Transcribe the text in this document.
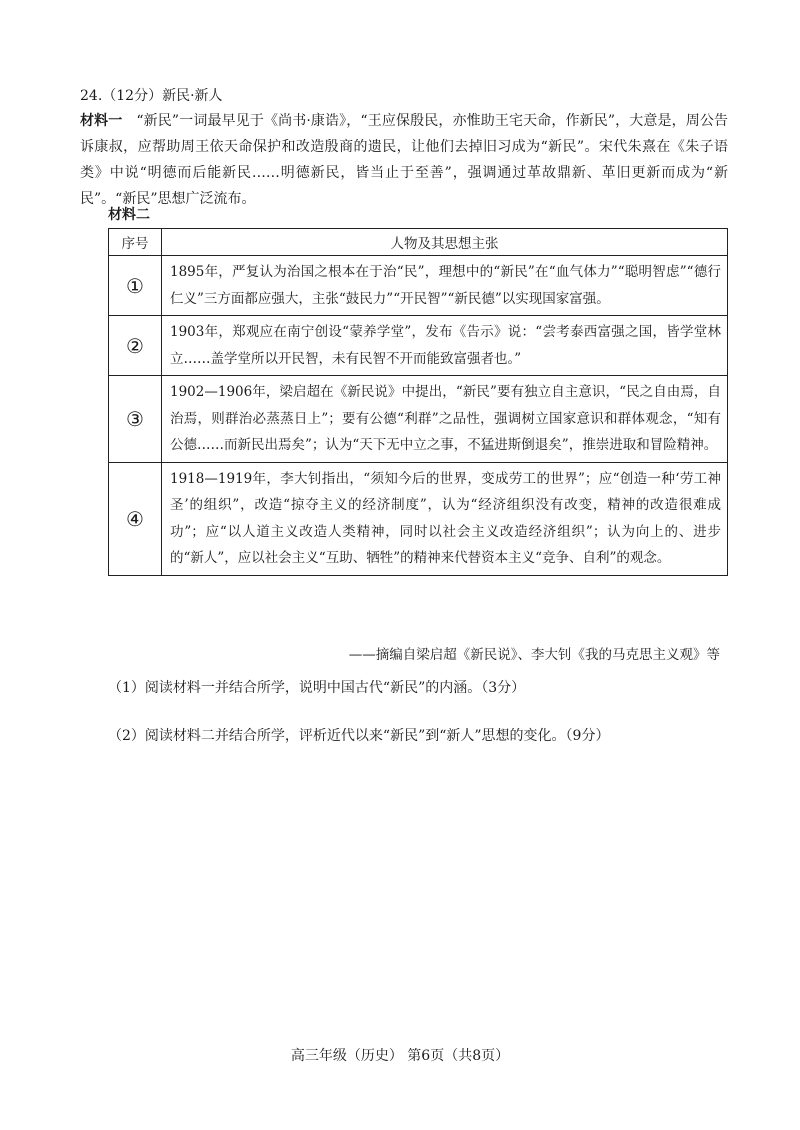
24.（12分）新民·新人
材料一 “新民”一词最早见于《尚书·康诰》，“王应保殷民，亦惟助王宅天命，作新民”，大意是，周公告诉康叔，应帮助周王依天命保护和改造殷商的遗民，让他们去掉旧习成为“新民”。宋代朱熹在《朱子语类》中说“明德而后能新民……明德新民，皆当止于至善”，强调通过革故鼎新、革旧更新而成为“新民”。“新民”思想广泛流布。
材料二
序号	人物及其思想主张
①	1895年，严复认为治国之根本在于治“民”，理想中的“新民”在“血气体力”“聪明智虑”“德行仁义”三方面都应强大，主张“鼓民力”“开民智”“新民德”以实现国家富强。
②	1903年，郑观应在南宁创设“蒙养学堂”，发布《告示》说：“尝考泰西富强之国，皆学堂林立……盖学堂所以开民智，未有民智不开而能致富强者也。”
③	1902—1906年，梁启超在《新民说》中提出，“新民”要有独立自主意识，“民之自由焉，自治焉，则群治必蒸蒸日上”；要有公德“利群”之品性，强调树立国家意识和群体观念，“知有公德……而新民出焉矣”；认为“天下无中立之事，不猛进斯倒退矣”，推崇进取和冒险精神。
④	1918—1919年，李大钊指出，“须知今后的世界，变成劳工的世界”；应“创造一种‘劳工神圣’的组织”，改造“掠夺主义的经济制度”，认为“经济组织没有改变，精神的改造很难成功”；应“以人道主义改造人类精神，同时以社会主义改造经济组织”；认为向上的、进步的“新人”，应以社会主义“互助、牺牲”的精神来代替资本主义“竞争、自利”的观念。
——摘编自梁启超《新民说》、李大钊《我的马克思主义观》等
（1）阅读材料一并结合所学，说明中国古代“新民”的内涵。（3分）
（2）阅读材料二并结合所学，评析近代以来“新民”到“新人”思想的变化。（9分）
高三年级（历史） 第6页（共8页）
